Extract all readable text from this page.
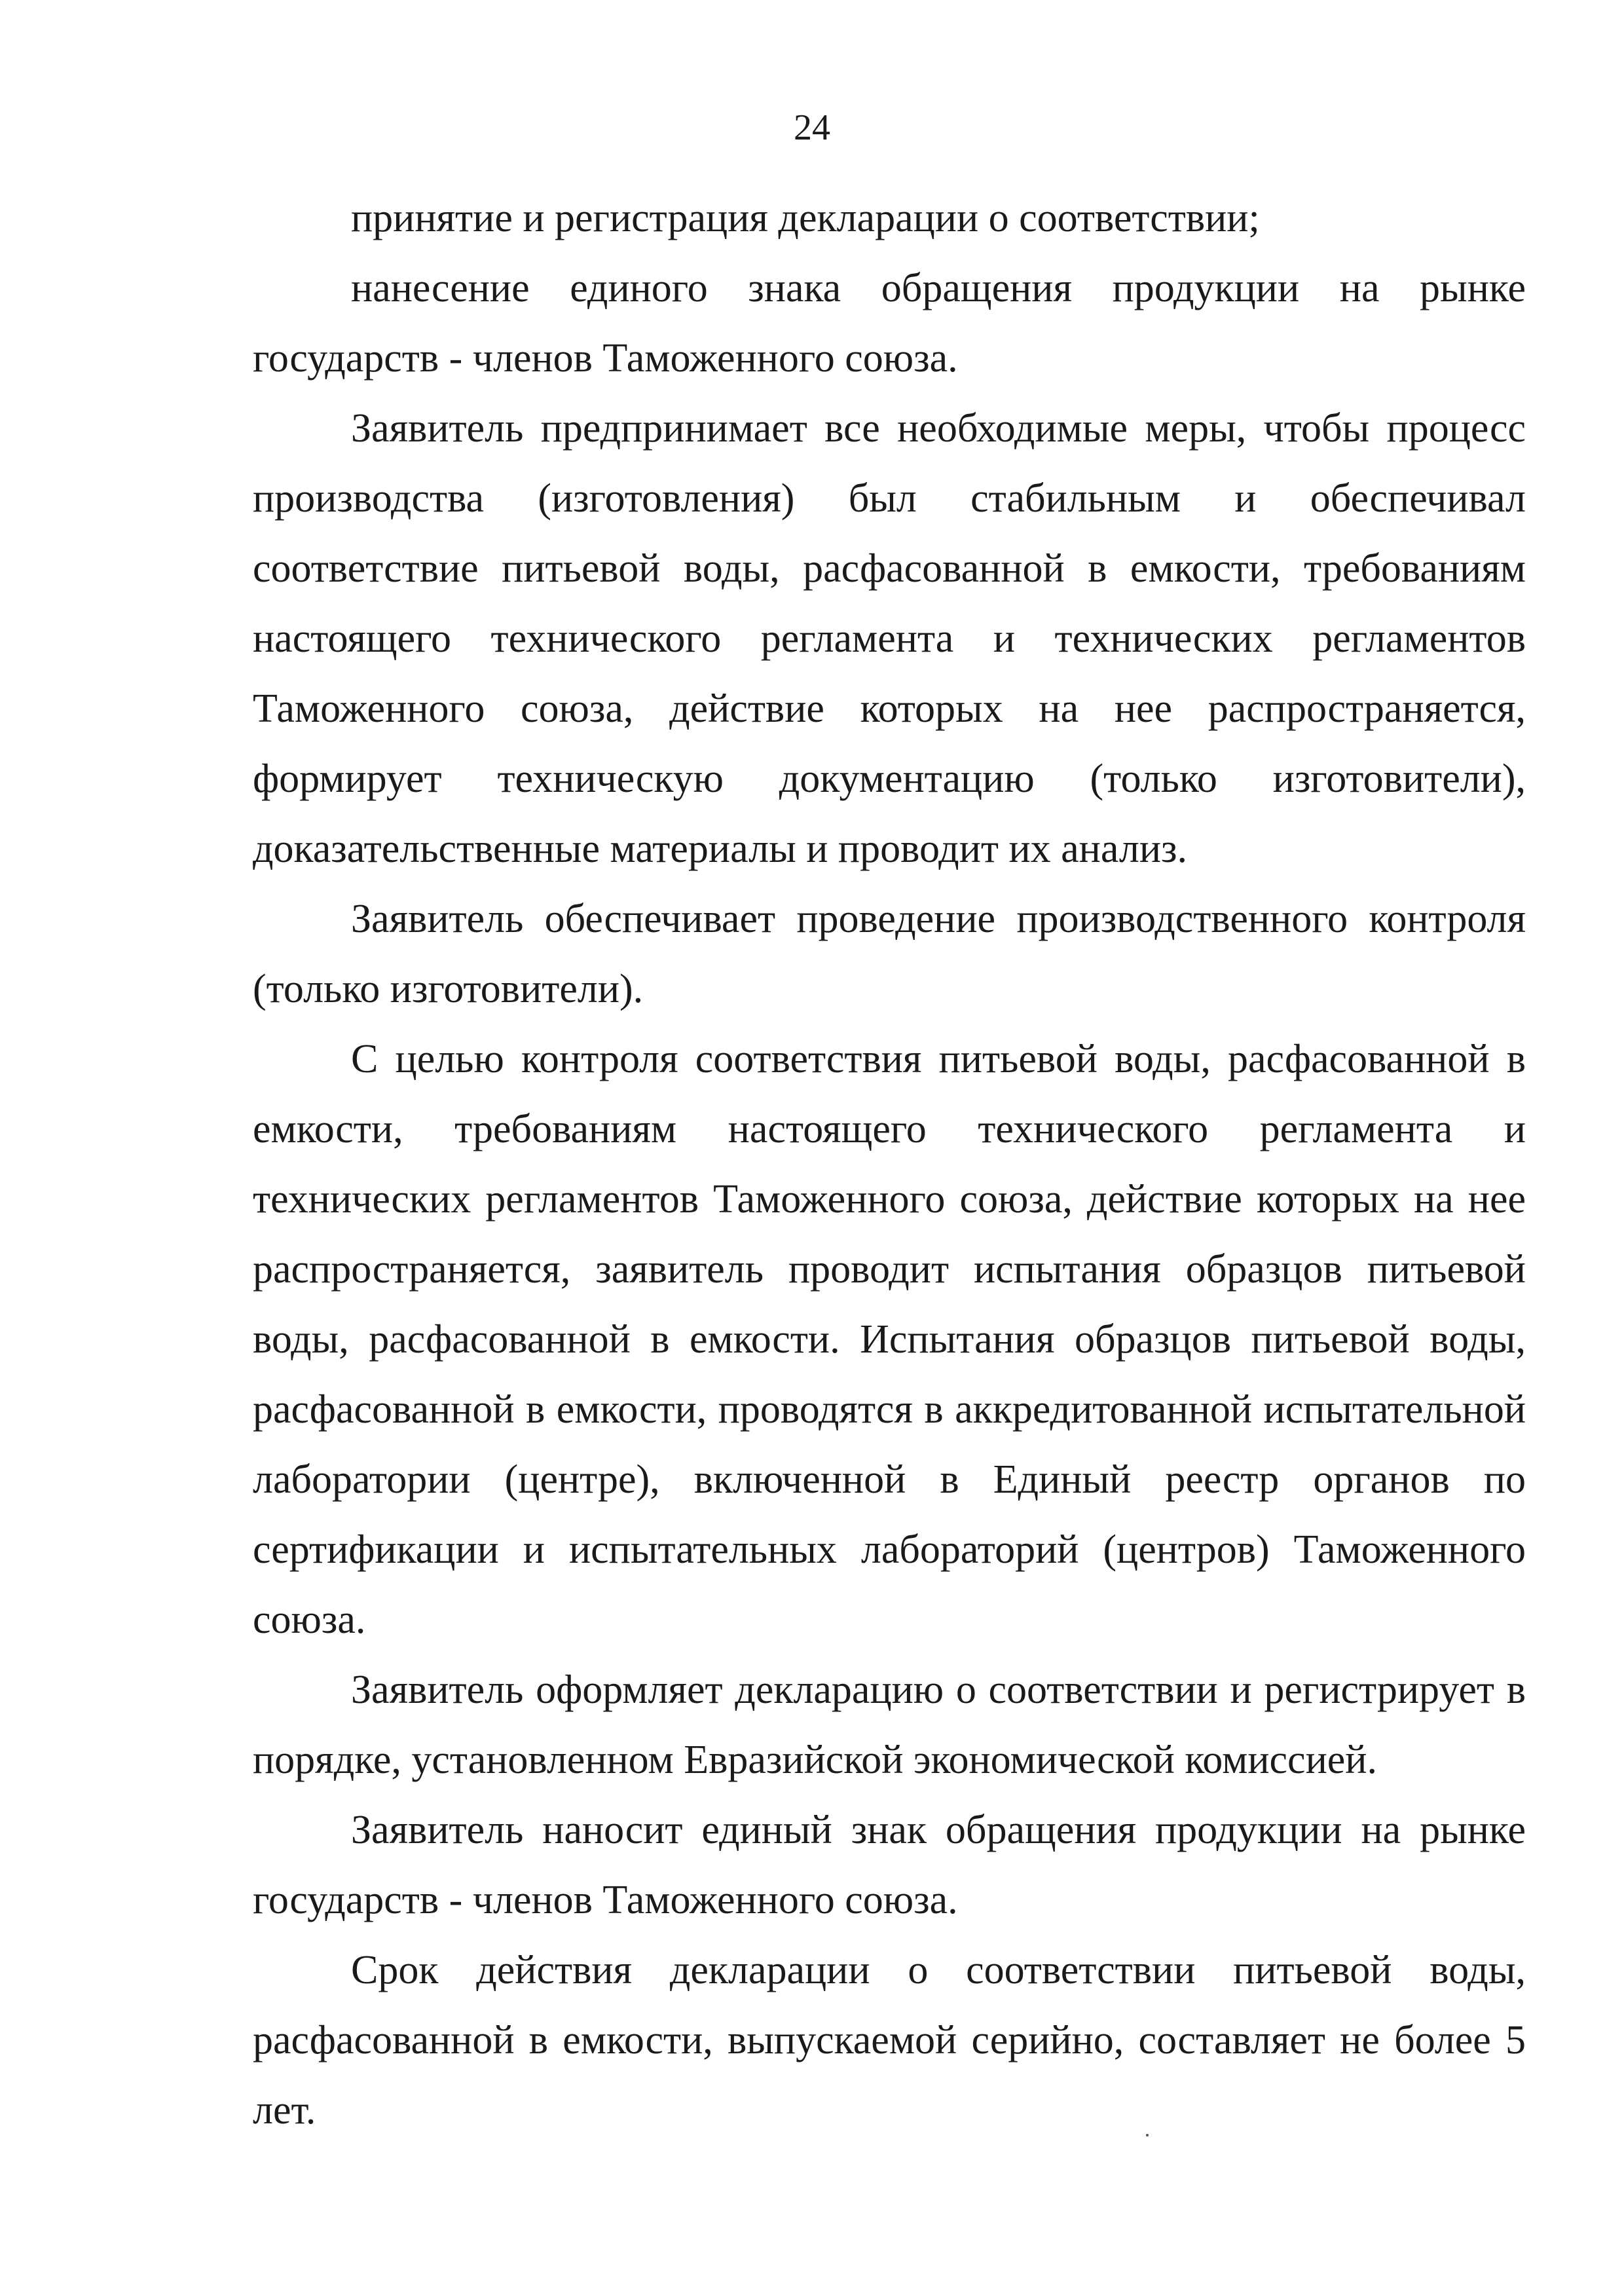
24

принятие и регистрация декларации о соответствии;

нанесение единого знака обращения продукции на рынке государств - членов Таможенного союза.

Заявитель предпринимает все необходимые меры, чтобы процесс производства (изготовления) был стабильным и обеспечивал соответствие питьевой воды, расфасованной в емкости, требованиям настоящего технического регламента и технических регламентов Таможенного союза, действие которых на нее распространяется, формирует техническую документацию (только изготовители), доказательственные материалы и проводит их анализ.

Заявитель обеспечивает проведение производственного контроля (только изготовители).

С целью контроля соответствия питьевой воды, расфасованной в емкости, требованиям настоящего технического регламента и технических регламентов Таможенного союза, действие которых на нее распространяется, заявитель проводит испытания образцов питьевой воды, расфасованной в емкости. Испытания образцов питьевой воды, расфасованной в емкости, проводятся в аккредитованной испытательной лаборатории (центре), включенной в Единый реестр органов по сертификации и испытательных лабораторий (центров) Таможенного союза.

Заявитель оформляет декларацию о соответствии и регистрирует в порядке, установленном Евразийской экономической комиссией.

Заявитель наносит единый знак обращения продукции на рынке государств - членов Таможенного союза.

Срок действия декларации о соответствии питьевой воды, расфасованной в емкости, выпускаемой серийно, составляет не более 5 лет.
